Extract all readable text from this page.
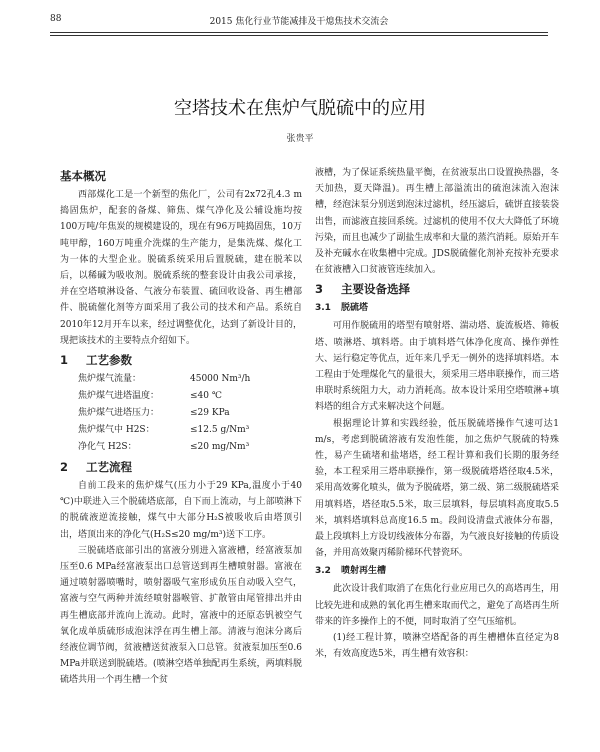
88	2015 焦化行业节能减排及干熄焦技术交流会
空塔技术在焦炉气脱硫中的应用
张贵平
基本概况

西部煤化工是一个新型的焦化厂，公司有2x72孔4.3 m捣固焦炉，配套的备煤、筛焦、煤气净化及公辅设施均按100万吨/年焦炭的规模建设的，现在有96万吨捣固焦，10万吨甲醇，160万吨重介洗煤的生产能力，是集洗煤、煤化工为一体的大型企业。脱硫系统采用后置脱硫，建在脱苯以后，以稀碱为吸收剂。脱硫系统的整套设计由我公司承接，并在空塔喷淋设备、气液分布装置、硫回收设备、再生槽部件、脱硫催化剂等方面采用了我公司的技术和产品。系统自2010年12月开车以来，经过调整优化，达到了新设计目的，现把该技术的主要特点介绍如下。

1 工艺参数
焦炉煤气流量：	45000 Nm³/h
焦炉煤气进塔温度：	≤40 ℃
焦炉煤气进塔压力：	≤29 KPa
焦炉煤气中 H2S：	≤12.5 g/Nm³
净化气 H2S：	≤20 mg/Nm³
2 工艺流程

自前工段来的焦炉煤气(压力小于29 KPa,温度小于40 ℃)中联进入三个脱硫塔底部，自下而上流动，与上部喷淋下的脱硫液逆流接触，煤气中大部分H₂S被吸收后由塔顶引出，塔顶出来的净化气(H₂S≤20 mg/m³)送下工序。

三脱硫塔底部引出的富液分别进入富液槽，经富液泵加压至0.6 MPa经富液泵出口总管送到再生槽喷射器。富液在通过喷射器喷嘴时，喷射器吸气室形成负压自动吸入空气，富液与空气两种并流经喷射器喉管、扩散管由尾管排出并由再生槽底部并流向上流动。此时，富液中的还原态钒被空气氧化成单质硫形成泡沫浮在再生槽上部。清液与泡沫分离后经液位调节阀，贫液槽送贫液泵入口总管。贫液泵加压至0.6 MPa并联送到脱硫塔。(喷淋空塔单独配再生系统，两填料脱硫塔共用一个再生槽一个贫

液槽，为了保证系统热量平衡，在贫液泵出口设置换热器，冬天加热，夏天降温)。再生槽上部溢流出的硫泡沫流入泡沫槽，经泡沫泵分别送到泡沫过滤机，经压滤后，硫饼直接装袋出售，而滤液直接回系统。过滤机的使用不仅大大降低了环境污染，而且也减少了副盐生成率和大量的蒸汽消耗。原始开车及补充碱水在收集槽中完成。JDS脱硫催化剂补充按补充要求在贫液槽入口贫液管连续加入。

3 主要设备选择
3.1 脱硫塔

可用作脱硫用的塔型有喷射塔、湍动塔、旋流板塔、筛板塔、喷淋塔、填料塔。由于填料塔气体净化度高、操作弹性大、运行稳定等优点，近年来几乎无一例外的选择填料塔。本工程由于处理煤化气的量很大，须采用三塔串联操作，而三塔串联时系统阻力大，动力消耗高。故本设计采用空塔喷淋+填料塔的组合方式来解决这个问题。

根据理论计算和实践经验，低压脱硫塔操作气速可达1 m/s，考虑到脱硫溶液有发泡性能，加之焦炉气脱硫的特殊性，易产生硫堵和盐堵塔，经工程计算和我们长期的服务经验，本工程采用三塔串联操作，第一级脱硫塔塔径取4.5米，采用高效雾化喷头，做为予脱硫塔，第二级、第二级脱硫塔采用填料塔，塔径取5.5米，取三层填料，每层填料高度取5.5米，填料塔填料总高度16.5 m。段间设清盘式液体分布器，最上段填料上方设切线液体分布器，为气液良好接触的传质设备，并用高效聚丙稀阶梯环代替瓷环。

3.2 喷射再生槽

此次设计我们取消了在焦化行业应用已久的高塔再生，用比较先进和成熟的氧化再生槽来取而代之，避免了高塔再生所带来的许多操作上的不便，同时取消了空气压缩机。

(1)经工程计算，喷淋空塔配备的再生槽槽体直径定为8米，有效高度选5米，再生槽有效容积：
